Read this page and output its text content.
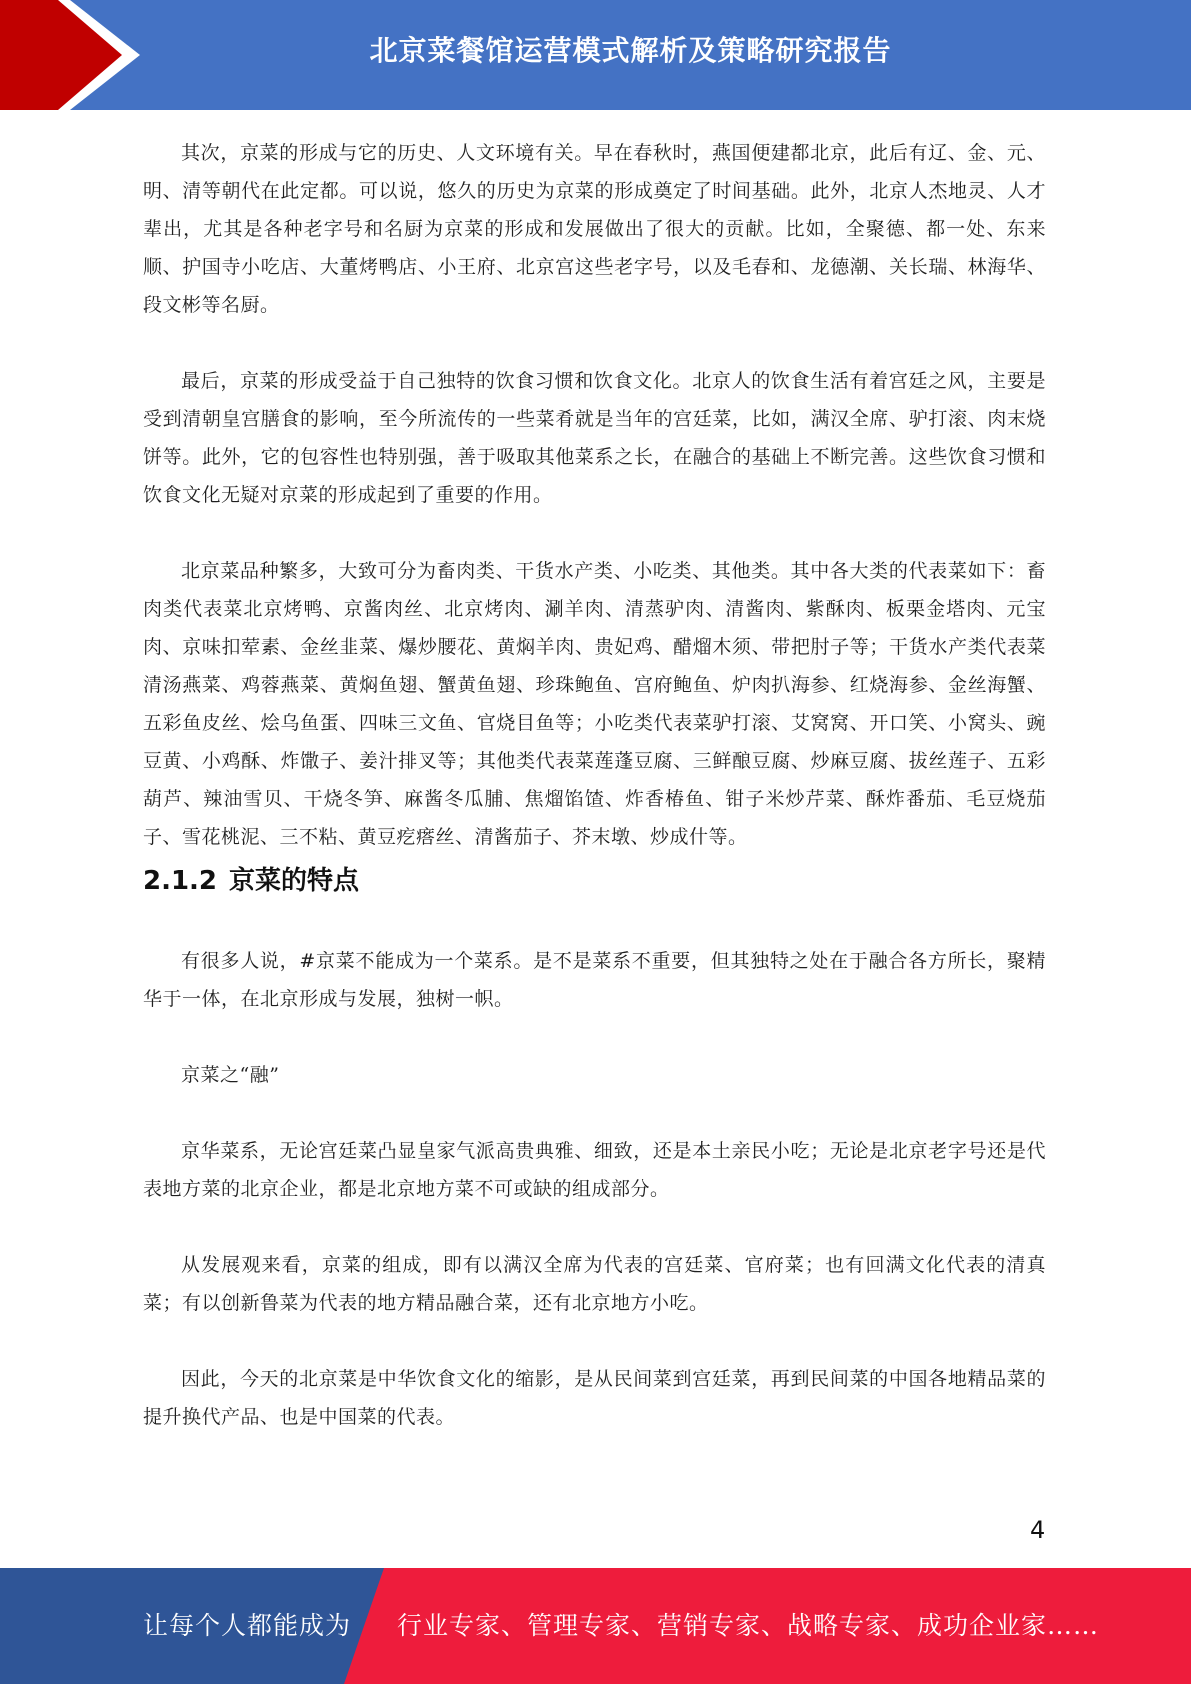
北京菜餐馆运营模式解析及策略研究报告

其次，京菜的形成与它的历史、人文环境有关。早在春秋时，燕国便建都北京，此后有辽、金、元、明、清等朝代在此定都。可以说，悠久的历史为京菜的形成奠定了时间基础。此外，北京人杰地灵、人才辈出，尤其是各种老字号和名厨为京菜的形成和发展做出了很大的贡献。比如，全聚德、都一处、东来顺、护国寺小吃店、大董烤鸭店、小王府、北京宫这些老字号，以及毛春和、龙德潮、关长瑞、林海华、段文彬等名厨。

最后，京菜的形成受益于自己独特的饮食习惯和饮食文化。北京人的饮食生活有着宫廷之风，主要是受到清朝皇宫膳食的影响，至今所流传的一些菜肴就是当年的宫廷菜，比如，满汉全席、驴打滚、肉末烧饼等。此外，它的包容性也特别强，善于吸取其他菜系之长，在融合的基础上不断完善。这些饮食习惯和饮食文化无疑对京菜的形成起到了重要的作用。

北京菜品种繁多，大致可分为畜肉类、干货水产类、小吃类、其他类。其中各大类的代表菜如下：畜肉类代表菜北京烤鸭、京酱肉丝、北京烤肉、涮羊肉、清蒸驴肉、清酱肉、紫酥肉、板栗金塔肉、元宝肉、京味扣荤素、金丝韭菜、爆炒腰花、黄焖羊肉、贵妃鸡、醋熘木须、带把肘子等；干货水产类代表菜清汤燕菜、鸡蓉燕菜、黄焖鱼翅、蟹黄鱼翅、珍珠鲍鱼、宫府鲍鱼、炉肉扒海参、红烧海参、金丝海蟹、五彩鱼皮丝、烩乌鱼蛋、四味三文鱼、官烧目鱼等；小吃类代表菜驴打滚、艾窝窝、开口笑、小窝头、豌豆黄、小鸡酥、炸馓子、姜汁排叉等；其他类代表菜莲蓬豆腐、三鲜酿豆腐、炒麻豆腐、拔丝莲子、五彩葫芦、辣油雪贝、干烧冬笋、麻酱冬瓜脯、焦熘馅馇、炸香椿鱼、钳子米炒芹菜、酥炸番茄、毛豆烧茄子、雪花桃泥、三不粘、黄豆疙瘩丝、清酱茄子、芥末墩、炒成什等。

2.1.2 京菜的特点

有很多人说，#京菜不能成为一个菜系。是不是菜系不重要，但其独特之处在于融合各方所长，聚精华于一体，在北京形成与发展，独树一帜。

京菜之“融”

京华菜系，无论宫廷菜凸显皇家气派高贵典雅、细致，还是本土亲民小吃；无论是北京老字号还是代表地方菜的北京企业，都是北京地方菜不可或缺的组成部分。

从发展观来看，京菜的组成，即有以满汉全席为代表的宫廷菜、官府菜；也有回满文化代表的清真菜；有以创新鲁菜为代表的地方精品融合菜，还有北京地方小吃。

因此，今天的北京菜是中华饮食文化的缩影，是从民间菜到宫廷菜，再到民间菜的中国各地精品菜的提升换代产品、也是中国菜的代表。

4
让每个人都能成为 行业专家、管理专家、营销专家、战略专家、成功企业家……
